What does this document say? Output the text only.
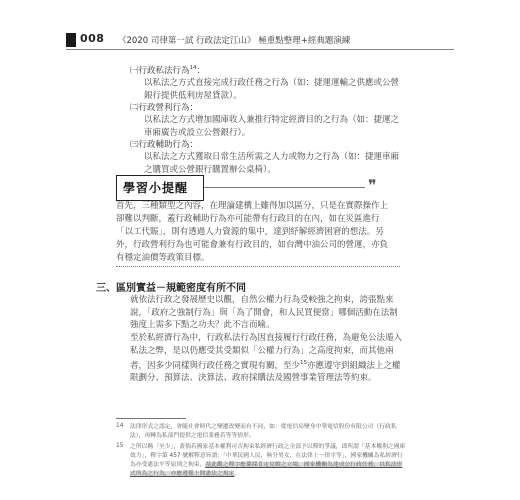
008 《2020 司律第一試 行政法定江山》 極重點整理+經典題演練
㈠行政私法行為$^{14}$：
以私法之方式直接完成行政任務之行為（如：捷運運輸之供應或公營銀行提供低利房屋貸款）。
㈡行政營利行為：
以私法之方式增加國庫收入兼推行特定經濟目的之行為（如：捷運之車廂廣告或設立公營銀行）。
㈢行政輔助行為：
以私法之方式獲取日常生活所需之人力或物力之行為（如：捷運車廂之購買或公營銀行購置辦公桌椅）。
學習小提醒	❞
首先，三種類型之內容，在理論建構上雖得加以區分，只是在實際操作上卻難以判斷，蓋行政輔助行為亦可能帶有行政目的在內，如在災區進行「以工代賑」，則有透過人力資源的集中，達到紓解經濟困窘的想法。另外，行政營利行為也可能會兼有行政目的，如台灣中油公司的營運，亦負有穩定油價等政策目標。
三、區別實益－規範密度有所不同
就依法行政之發展歷史以觀，自然公權力行為受較強之拘束，誇張點來說，「政府之強制行為」與「為了開會，和人民買便當」哪個活動在法制強度上需多下點之功夫？此不言而喻。
至於私經濟行為中，行政私法行為因直接履行行政任務，為避免公法遁入私法之弊，是以仍應受其受類似「公權力行為」之高度拘束，而其他兩者，因多少同樣與行政任務之實現有關，至少$^{15}$亦應遵守到組織法上之權限劃分、預算法、決算法、政府採購法及國營事業管理法等約束。
14 法律形式之認定，會隨社會時代之變遷改變而有不同，如：從電信局變身中華電信股份有限公司（行政私法），再轉為私部門提供之電信業務若等等情形。
15 之所以稱「至少」，蓋倘若國家基本權利可否拘束私經濟行政之全部予以釋的爭議，即所謂「基本權利之國庫效力」，釋字第 457 號解釋意旨謂：「中華民國人民，無分男女，在法律上一律平等」，國家機關為私經濟行為亦受憲法平等原則之拘束，基此觀之釋字應係採肯定見解之立場，國家機關為達成公行政任務，以私法形式所為之行為，亦應遵循上開憲法之規定。
